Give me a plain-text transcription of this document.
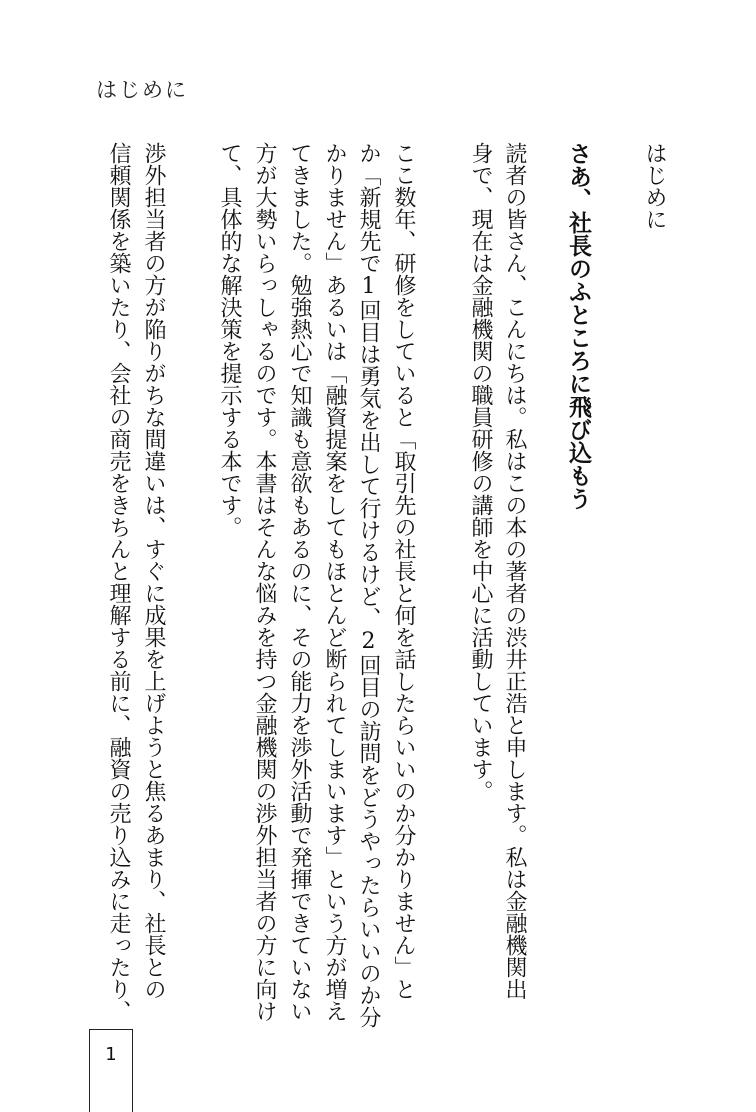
はじめに
はじめに
さあ、社長のふところに飛び込もう
読者の皆さん、こんにちは。私はこの本の著者の渋井正浩と申します。私は金融機関出
身で、現在は金融機関の職員研修の講師を中心に活動しています。
ここ数年、研修をしていると「取引先の社長と何を話したらいいのか分かりません」と
か「新規先で1回目は勇気を出して行けるけど、2回目の訪問をどうやったらいいのか分
かりません」あるいは「融資提案をしてもほとんど断られてしまいます」という方が増え
てきました。勉強熱心で知識も意欲もあるのに、その能力を渉外活動で発揮できていない
方が大勢いらっしゃるのです。本書はそんな悩みを持つ金融機関の渉外担当者の方に向け
て、具体的な解決策を提示する本です。
渉外担当者の方が陥りがちな間違いは、すぐに成果を上げようと焦るあまり、社長との
信頼関係を築いたり、会社の商売をきちんと理解する前に、融資の売り込みに走ったり、
1
